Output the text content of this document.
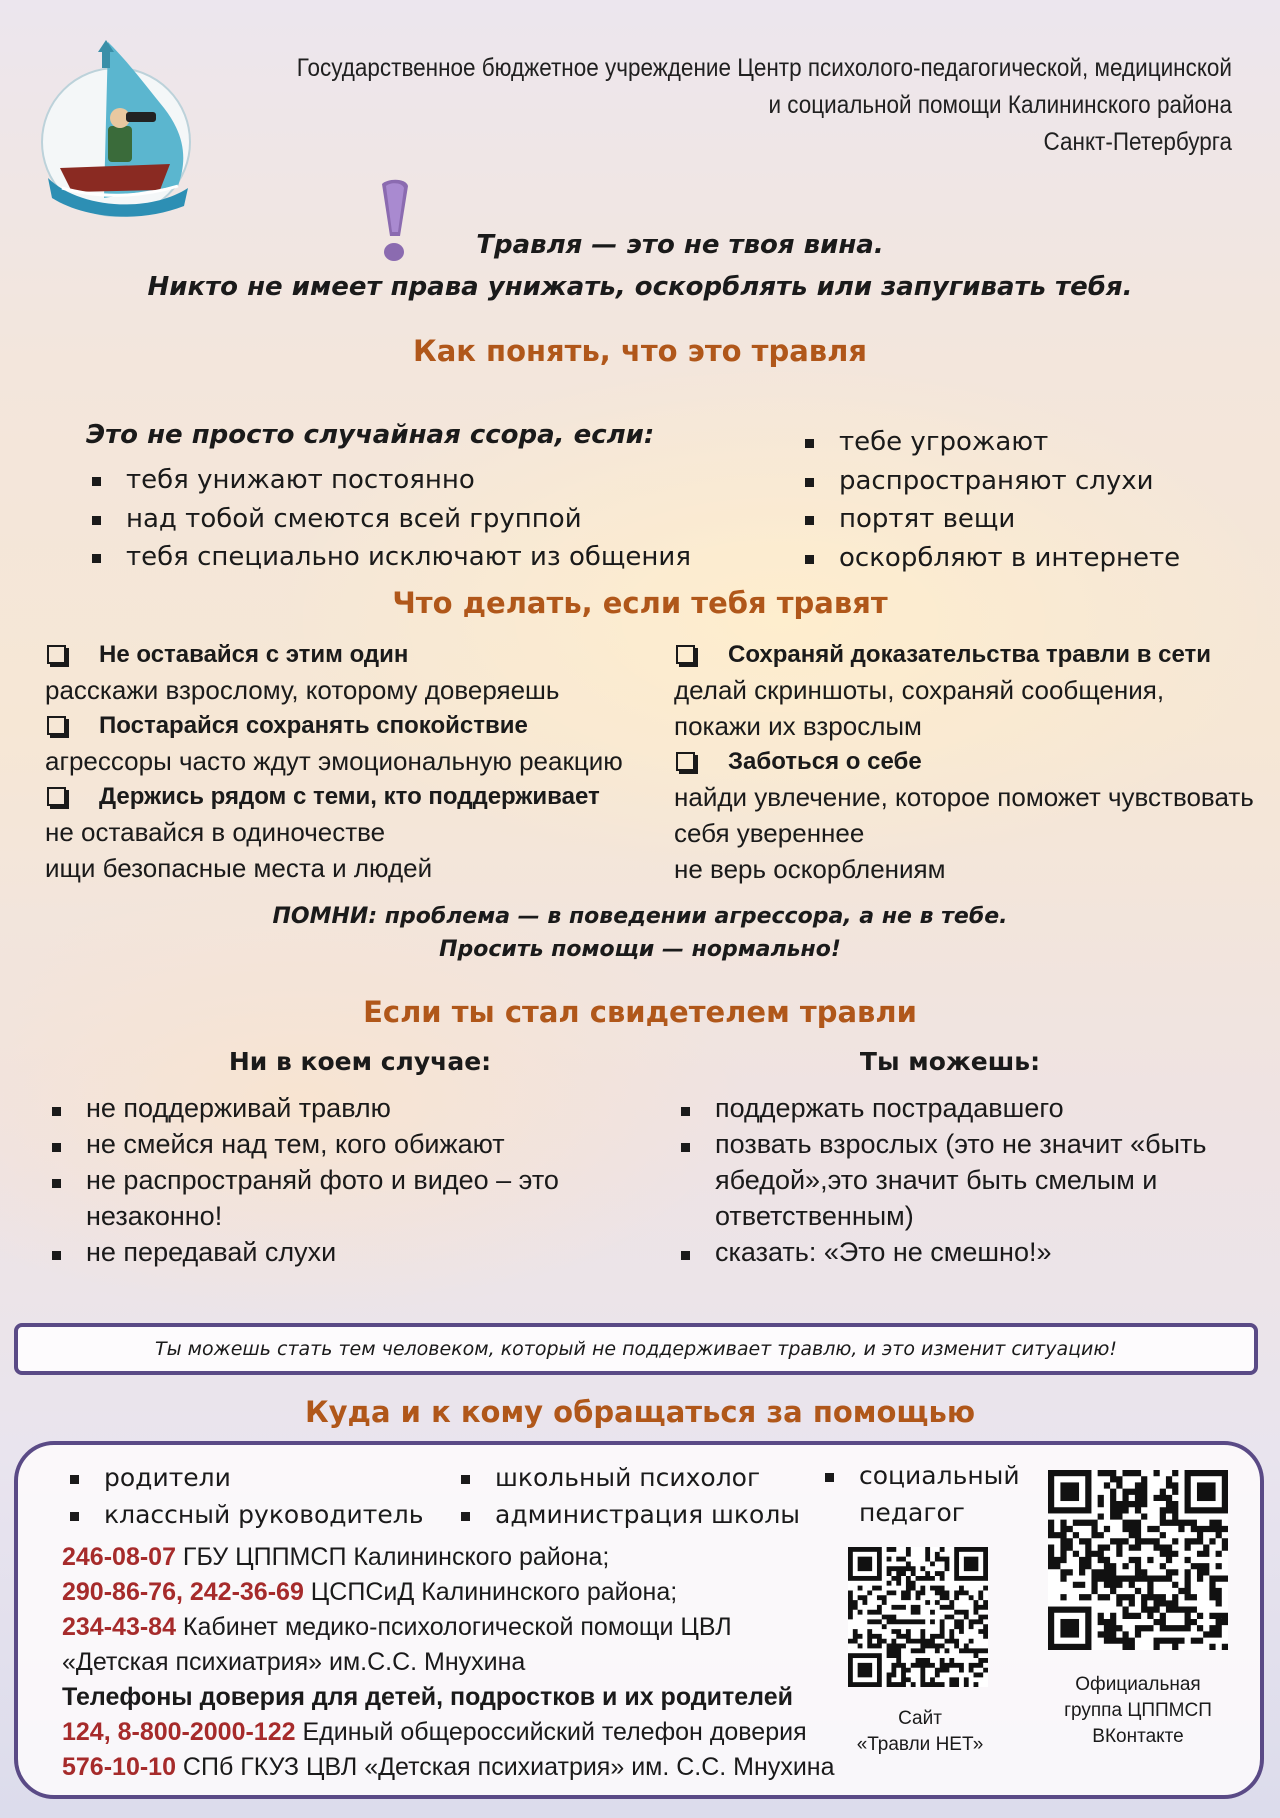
Государственное бюджетное учреждение Центр психолого-педагогической, медицинской
и социальной помощи Калининского района
Санкт-Петербурга
Травля — это не твоя вина.
Никто не имеет права унижать, оскорблять или запугивать тебя.
Как понять, что это травля
Это не просто случайная ссора, если:
тебя унижают постоянно
над тобой смеются всей группой
тебя специально исключают из общения
тебе угрожают
распространяют слухи
портят вещи
оскорбляют в интернете
Что делать, если тебя травят
Не оставайся с этим один
расскажи взрослому, которому доверяешь
Постарайся сохранять спокойствие
агрессоры часто ждут эмоциональную реакцию
Держись рядом с теми, кто поддерживает
не оставайся в одиночестве
ищи безопасные места и людей
Сохраняй доказательства травли в сети
делай скриншоты, сохраняй сообщения,
покажи их взрослым
Заботься о себе
найди увлечение, которое поможет чувствовать
себя увереннее
не верь оскорблениям
ПОМНИ: проблема — в поведении агрессора, а не в тебе.
Просить помощи — нормально!
Если ты стал свидетелем травли
Ни в коем случае:	Ты можешь:
не поддерживай травлю
не смейся над тем, кого обижают
не распространяй фото и видео – это незаконно!
не передавай слухи
поддержать пострадавшего
позвать взрослых (это не значит «быть ябедой»,это значит быть смелым и ответственным)
сказать: «Это не смешно!»
Ты можешь стать тем человеком, который не поддерживает травлю, и это изменит ситуацию!
Куда и к кому обращаться за помощью
родители
классный руководитель
школьный психолог
администрация школы
социальный педагог
246-08-07 ГБУ ЦППМСП Калининского района;
290-86-76, 242-36-69 ЦСПСиД Калининского района;
234-43-84 Кабинет медико-психологической помощи ЦВЛ
«Детская психиатрия» им.С.С. Мнухина
Телефоны доверия для детей, подростков и их родителей
124, 8-800-2000-122 Единый общероссийский телефон доверия
576-10-10 СПб ГКУЗ ЦВЛ «Детская психиатрия» им. С.С. Мнухина
Сайт
«Травли НЕТ»
Официальная
группа ЦППМСП
ВКонтакте
